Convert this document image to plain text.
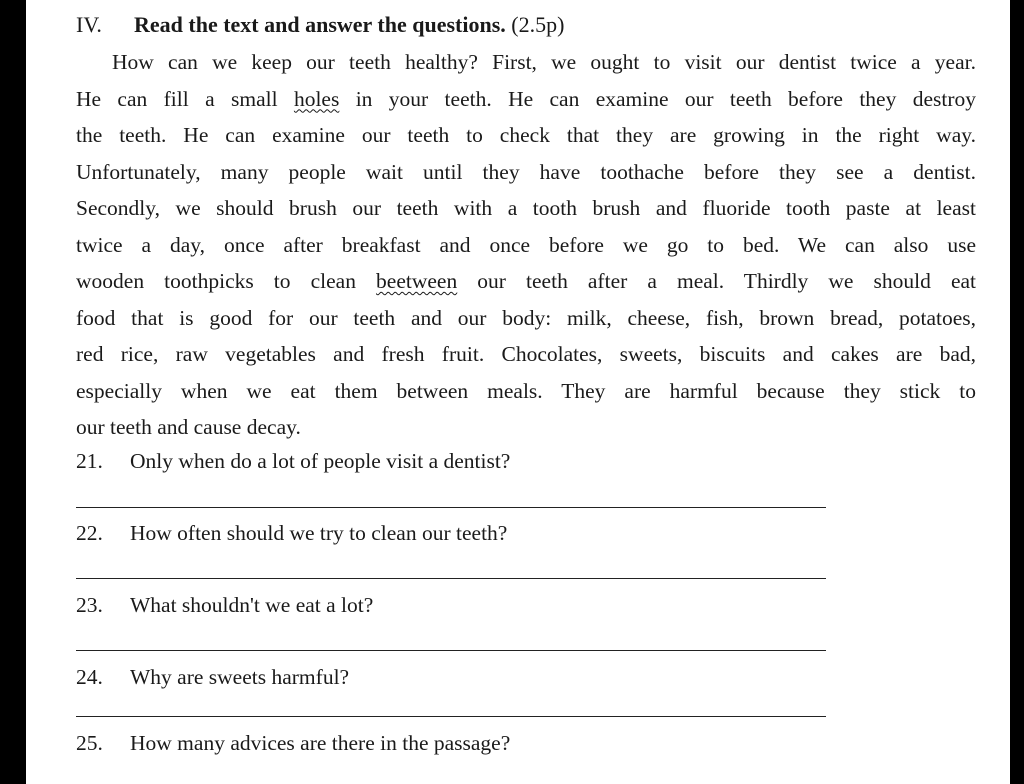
IV. Read the text and answer the questions. (2.5p)
How can we keep our teeth healthy? First, we ought to visit our dentist twice a year.
He can fill a small holes in your teeth. He can examine our teeth before they destroy
the teeth. He can examine our teeth to check that they are growing in the right way.
Unfortunately, many people wait until they have toothache before they see a dentist.
Secondly, we should brush our teeth with a tooth brush and fluoride tooth paste at least
twice a day, once after breakfast and once before we go to bed. We can also use
wooden toothpicks to clean beetween our teeth after a meal. Thirdly we should eat
food that is good for our teeth and our body: milk, cheese, fish, brown bread, potatoes,
red rice, raw vegetables and fresh fruit. Chocolates, sweets, biscuits and cakes are bad,
especially when we eat them between meals. They are harmful because they stick to
our teeth and cause decay.
21. Only when do a lot of people visit a dentist?
22. How often should we try to clean our teeth?
23. What shouldn't we eat a lot?
24. Why are sweets harmful?
25. How many advices are there in the passage?
